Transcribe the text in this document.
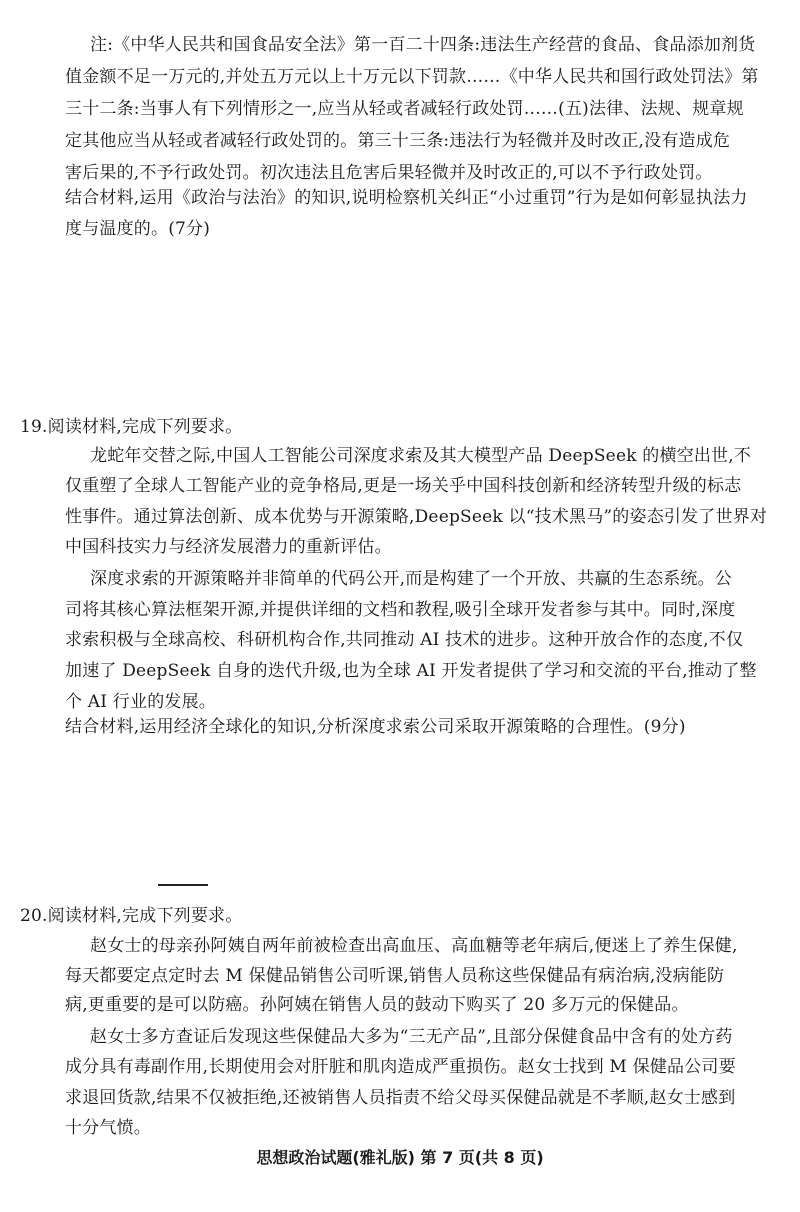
注:《中华人民共和国食品安全法》第一百二十四条:违法生产经营的食品、食品添加剂货
值金额不足一万元的,并处五万元以上十万元以下罚款……《中华人民共和国行政处罚法》第
三十二条:当事人有下列情形之一,应当从轻或者减轻行政处罚……(五)法律、法规、规章规
定其他应当从轻或者减轻行政处罚的。第三十三条:违法行为轻微并及时改正,没有造成危
害后果的,不予行政处罚。初次违法且危害后果轻微并及时改正的,可以不予行政处罚。
结合材料,运用《政治与法治》的知识,说明检察机关纠正“小过重罚”行为是如何彰显执法力
度与温度的。(7分)
19.阅读材料,完成下列要求。
龙蛇年交替之际,中国人工智能公司深度求索及其大模型产品 DeepSeek 的横空出世,不
仅重塑了全球人工智能产业的竞争格局,更是一场关乎中国科技创新和经济转型升级的标志
性事件。通过算法创新、成本优势与开源策略,DeepSeek 以“技术黑马”的姿态引发了世界对
中国科技实力与经济发展潜力的重新评估。
深度求索的开源策略并非简单的代码公开,而是构建了一个开放、共赢的生态系统。公
司将其核心算法框架开源,并提供详细的文档和教程,吸引全球开发者参与其中。同时,深度
求索积极与全球高校、科研机构合作,共同推动 AI 技术的进步。这种开放合作的态度,不仅
加速了 DeepSeek 自身的迭代升级,也为全球 AI 开发者提供了学习和交流的平台,推动了整
个 AI 行业的发展。
结合材料,运用经济全球化的知识,分析深度求索公司采取开源策略的合理性。(9分)
20.阅读材料,完成下列要求。
赵女士的母亲孙阿姨自两年前被检查出高血压、高血糖等老年病后,便迷上了养生保健,
每天都要定点定时去 M 保健品销售公司听课,销售人员称这些保健品有病治病,没病能防
病,更重要的是可以防癌。孙阿姨在销售人员的鼓动下购买了 20 多万元的保健品。
赵女士多方查证后发现这些保健品大多为“三无产品”,且部分保健食品中含有的处方药
成分具有毒副作用,长期使用会对肝脏和肌肉造成严重损伤。赵女士找到 M 保健品公司要
求退回货款,结果不仅被拒绝,还被销售人员指责不给父母买保健品就是不孝顺,赵女士感到
十分气愤。
思想政治试题(雅礼版) 第 7 页(共 8 页)
